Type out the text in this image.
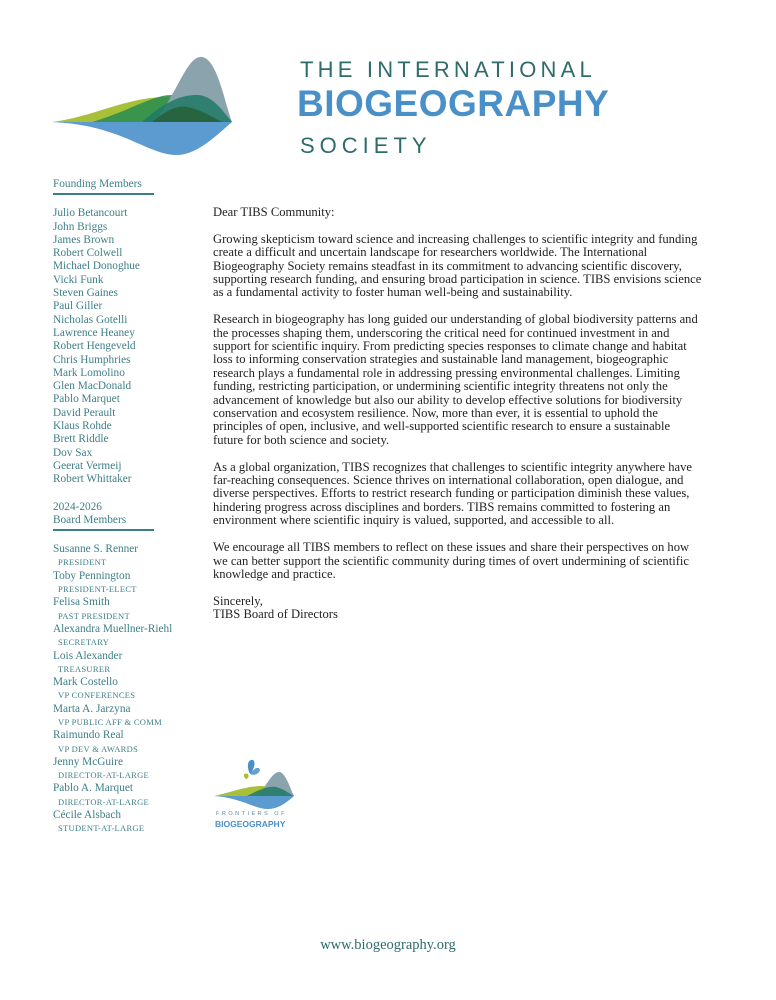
THE INTERNATIONAL
BIOGEOGRAPHY
SOCIETY
Founding Members
Julio Betancourt
John Briggs
James Brown
Robert Colwell
Michael Donoghue
Vicki Funk
Steven Gaines
Paul Giller
Nicholas Gotelli
Lawrence Heaney
Robert Hengeveld
Chris Humphries
Mark Lomolino
Glen MacDonald
Pablo Marquet
David Perault
Klaus Rohde
Brett Riddle
Dov Sax
Geerat Vermeij
Robert Whittaker
2024-2026
Board Members
Susanne S. Renner
PRESIDENT
Toby Pennington
PRESIDENT-ELECT
Felisa Smith
PAST PRESIDENT
Alexandra Muellner-Riehl
SECRETARY
Lois Alexander
TREASURER
Mark Costello
VP CONFERENCES
Marta A. Jarzyna
VP PUBLIC AFF & COMM
Raimundo Real
VP DEV & AWARDS
Jenny McGuire
DIRECTOR-AT-LARGE
Pablo A. Marquet
DIRECTOR-AT-LARGE
Cécile Alsbach
STUDENT-AT-LARGE

Dear TIBS Community:

Growing skepticism toward science and increasing challenges to scientific integrity and funding create a difficult and uncertain landscape for researchers worldwide. The International Biogeography Society remains steadfast in its commitment to advancing scientific discovery, supporting research funding, and ensuring broad participation in science. TIBS envisions science as a fundamental activity to foster human well-being and sustainability.

Research in biogeography has long guided our understanding of global biodiversity patterns and the processes shaping them, underscoring the critical need for continued investment in and support for scientific inquiry. From predicting species responses to climate change and habitat loss to informing conservation strategies and sustainable land management, biogeographic research plays a fundamental role in addressing pressing environmental challenges. Limiting funding, restricting participation, or undermining scientific integrity threatens not only the advancement of knowledge but also our ability to develop effective solutions for biodiversity conservation and ecosystem resilience. Now, more than ever, it is essential to uphold the principles of open, inclusive, and well-supported scientific research to ensure a sustainable future for both science and society.

As a global organization, TIBS recognizes that challenges to scientific integrity anywhere have far-reaching consequences. Science thrives on international collaboration, open dialogue, and diverse perspectives. Efforts to restrict research funding or participation diminish these values, hindering progress across disciplines and borders. TIBS remains committed to fostering an environment where scientific inquiry is valued, supported, and accessible to all.

We encourage all TIBS members to reflect on these issues and share their perspectives on how we can better support the scientific community during times of overt undermining of scientific knowledge and practice.

Sincerely,
TIBS Board of Directors
FRONTIERS OF
BIOGEOGRAPHY
www.biogeography.org
